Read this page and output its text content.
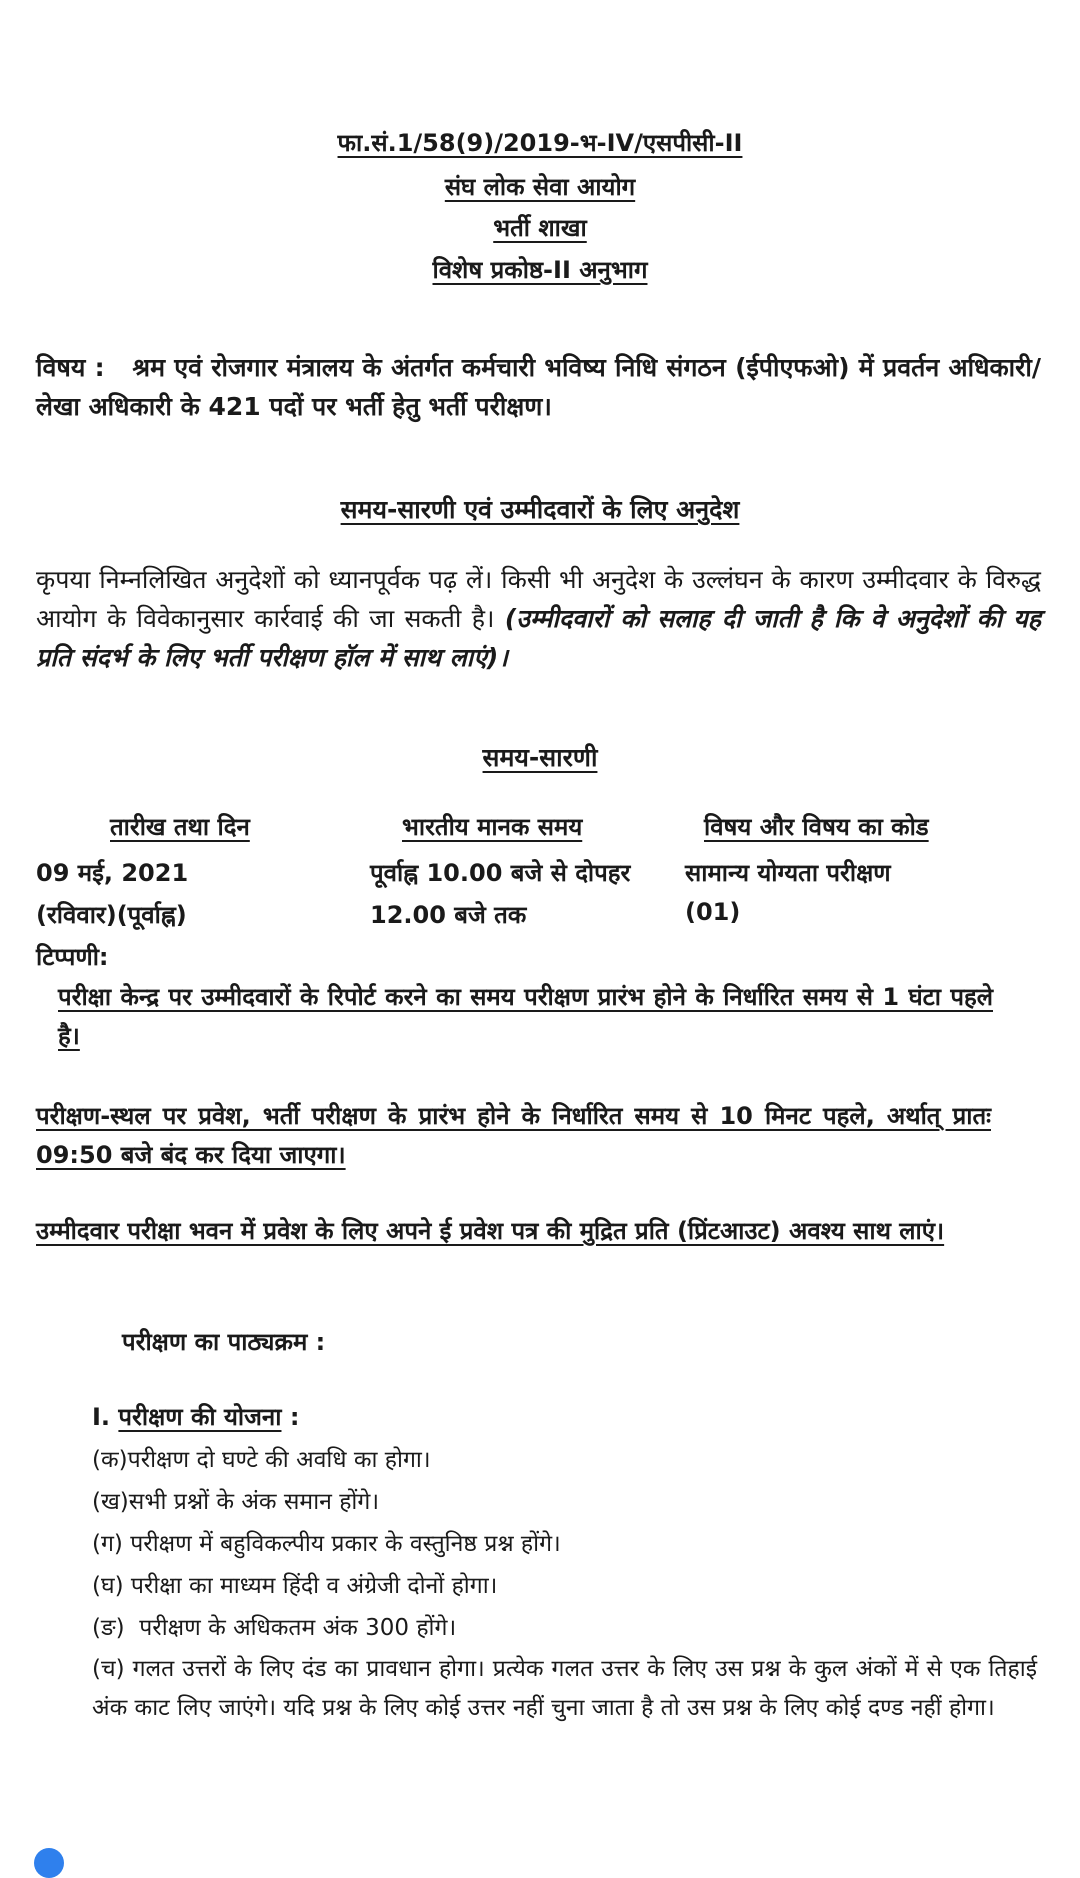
फा.सं.1/58(9)/2019-भ-IV/एसपीसी-II
संघ लोक सेवा आयोग
भर्ती शाखा
विशेष प्रकोष्ठ-II अनुभाग
विषय : श्रम एवं रोजगार मंत्रालय के अंतर्गत कर्मचारी भविष्य निधि संगठन (ईपीएफओ) में प्रवर्तन अधिकारी/लेखा अधिकारी के 421 पदों पर भर्ती हेतु भर्ती परीक्षण।
समय-सारणी एवं उम्मीदवारों के लिए अनुदेश
कृपया निम्नलिखित अनुदेशों को ध्यानपूर्वक पढ़ लें। किसी भी अनुदेश के उल्लंघन के कारण उम्मीदवार के विरुद्ध आयोग के विवेकानुसार कार्रवाई की जा सकती है। (उम्मीदवारों को सलाह दी जाती है कि वे अनुदेशों की यह प्रति संदर्भ के लिए भर्ती परीक्षण हॉल में साथ लाएं)।
समय-सारणी
तारीख तथा दिन	भारतीय मानक समय	विषय और विषय का कोड
09 मई, 2021
(रविवार)(पूर्वाह्न)
पूर्वाह्न 10.00 बजे से दोपहर
12.00 बजे तक
सामान्य योग्यता परीक्षण
(01)
टिप्पणी:
परीक्षा केन्द्र पर उम्मीदवारों के रिपोर्ट करने का समय परीक्षण प्रारंभ होने के निर्धारित समय से 1 घंटा पहले है।
परीक्षण-स्थल पर प्रवेश, भर्ती परीक्षण के प्रारंभ होने के निर्धारित समय से 10 मिनट पहले, अर्थात् प्रातः 09:50 बजे बंद कर दिया जाएगा।
उम्मीदवार परीक्षा भवन में प्रवेश के लिए अपने ई प्रवेश पत्र की मुद्रित प्रति (प्रिंटआउट) अवश्य साथ लाएं।
परीक्षण का पाठ्यक्रम :
I. परीक्षण की योजना :
(क)परीक्षण दो घण्टे की अवधि का होगा।
(ख)सभी प्रश्नों के अंक समान होंगे।
(ग) परीक्षण में बहुविकल्पीय प्रकार के वस्तुनिष्ठ प्रश्न होंगे।
(घ) परीक्षा का माध्यम हिंदी व अंग्रेजी दोनों होगा।
(ङ) परीक्षण के अधिकतम अंक 300 होंगे।
(च) गलत उत्तरों के लिए दंड का प्रावधान होगा। प्रत्येक गलत उत्तर के लिए उस प्रश्न के कुल अंकों में से एक तिहाई अंक काट लिए जाएंगे। यदि प्रश्न के लिए कोई उत्तर नहीं चुना जाता है तो उस प्रश्न के लिए कोई दण्ड नहीं होगा।
